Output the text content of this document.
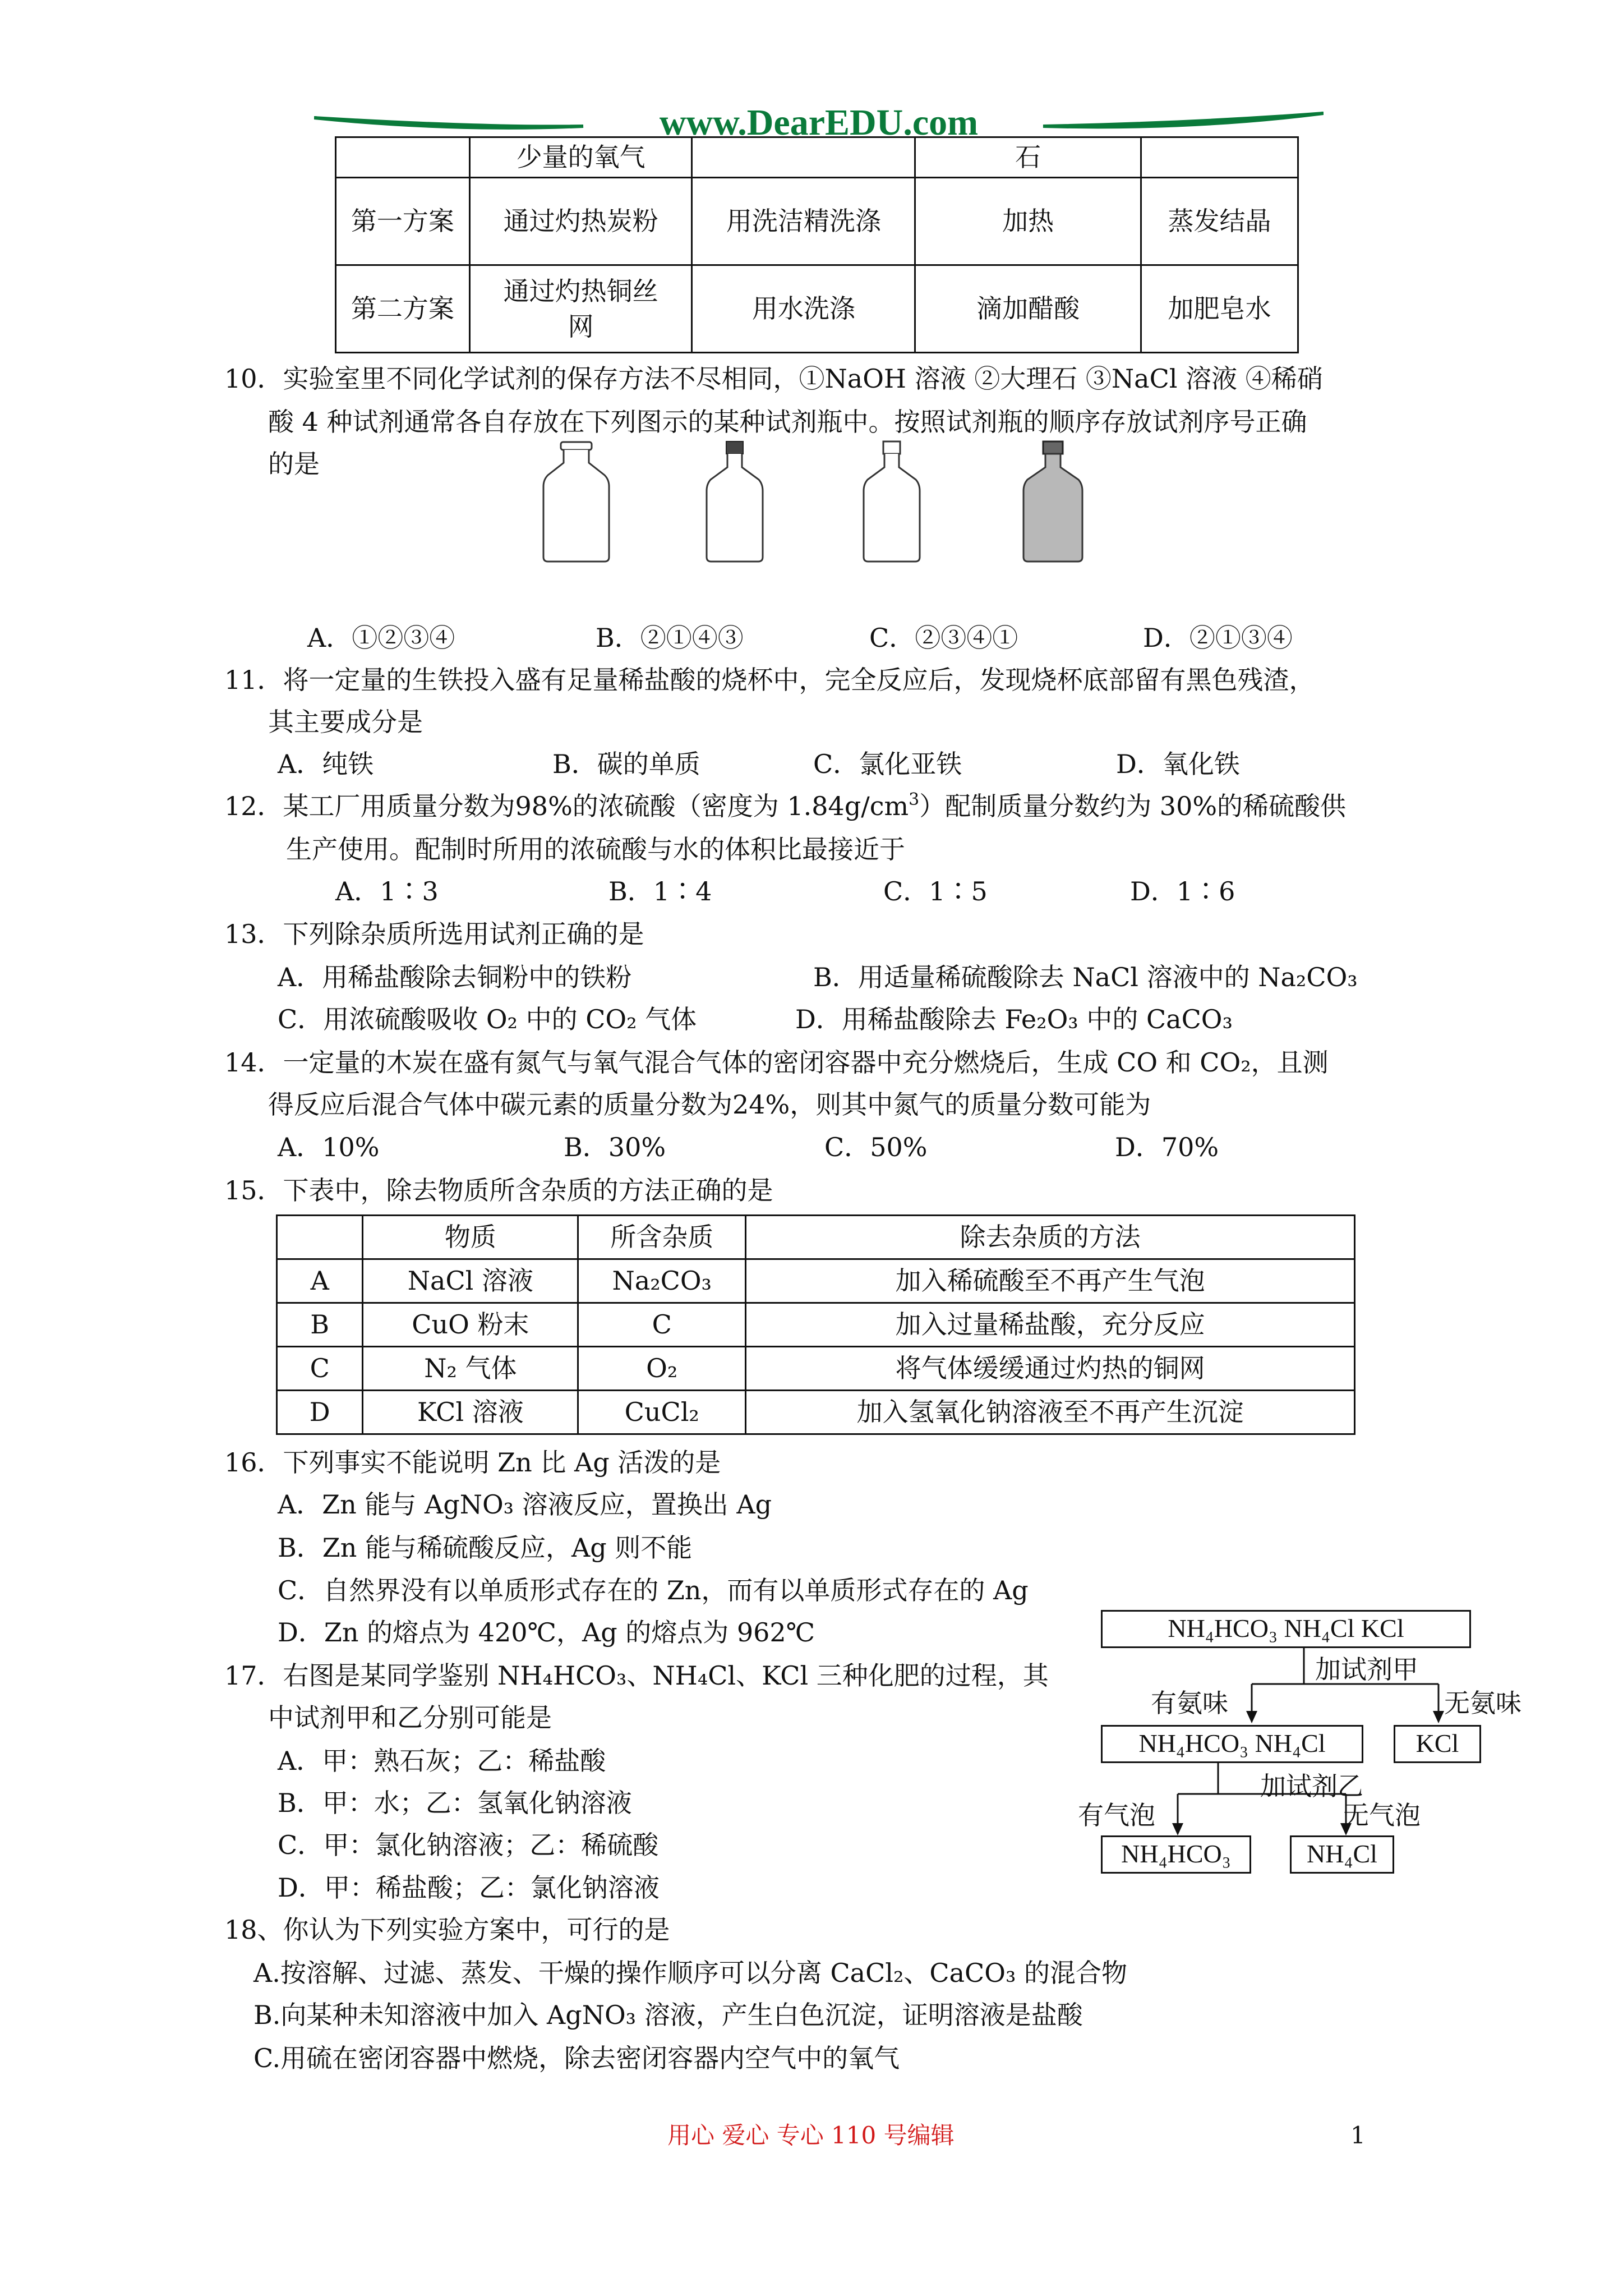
www.DearEDU.com
	少量的氧气		石	
第一方案	通过灼热炭粉	用洗洁精洗涤	加热	蒸发结晶
第二方案	通过灼热铜丝网	用水洗涤	滴加醋酸	加肥皂水
10．实验室里不同化学试剂的保存方法不尽相同，①NaOH 溶液 ②大理石 ③NaCl 溶液 ④稀硝
酸 4 种试剂通常各自存放在下列图示的某种试剂瓶中。按照试剂瓶的顺序存放试剂序号正确
的是
A．①②③④	B．②①④③	C．②③④①	D．②①③④
11．将一定量的生铁投入盛有足量稀盐酸的烧杯中，完全反应后，发现烧杯底部留有黑色残渣，
其主要成分是
A．纯铁	B．碳的单质	C．氯化亚铁	D．氧化铁
12．某工厂用质量分数为98%的浓硫酸（密度为 $1.84g/cm^3$）配制质量分数约为 30%的稀硫酸供
生产使用。配制时所用的浓硫酸与水的体积比最接近于
A．1∶3	B．1∶4	C．1∶5	D．1∶6
13．下列除杂质所选用试剂正确的是
A．用稀盐酸除去铜粉中的铁粉	B．用适量稀硫酸除去 NaCl 溶液中的 Na₂CO₃
C．用浓硫酸吸收 O₂ 中的 CO₂ 气体	D．用稀盐酸除去 Fe₂O₃ 中的 CaCO₃
14．一定量的木炭在盛有氮气与氧气混合气体的密闭容器中充分燃烧后，生成 CO 和 CO₂，且测
得反应后混合气体中碳元素的质量分数为24%，则其中氮气的质量分数可能为
A．10%	B．30%	C．50%	D．70%
15．下表中，除去物质所含杂质的方法正确的是
	物质	所含杂质	除去杂质的方法
A	NaCl 溶液	Na₂CO₃	加入稀硫酸至不再产生气泡
B	CuO 粉末	C	加入过量稀盐酸，充分反应
C	N₂ 气体	O₂	将气体缓缓通过灼热的铜网
D	KCl 溶液	CuCl₂	加入氢氧化钠溶液至不再产生沉淀
16．下列事实不能说明 Zn 比 Ag 活泼的是
A．Zn 能与 AgNO₃ 溶液反应，置换出 Ag
B．Zn 能与稀硫酸反应，Ag 则不能
C．自然界没有以单质形式存在的 Zn，而有以单质形式存在的 Ag
D．Zn 的熔点为 420℃，Ag 的熔点为 962℃
17．右图是某同学鉴别 NH₄HCO₃、NH₄Cl、KCl 三种化肥的过程，其
中试剂甲和乙分别可能是
A．甲：熟石灰；乙：稀盐酸
B．甲：水；乙：氢氧化钠溶液
C．甲：氯化钠溶液；乙：稀硫酸
D．甲：稀盐酸；乙：氯化钠溶液
NH₄HCO₃ NH₄Cl KCl
加试剂甲
有氨味	无氨味
NH₄HCO₃ NH₄Cl	KCl
加试剂乙
有气泡	无气泡
NH₄HCO₃	NH₄Cl
18、你认为下列实验方案中，可行的是
A.按溶解、过滤、蒸发、干燥的操作顺序可以分离 CaCl₂、CaCO₃ 的混合物
B.向某种未知溶液中加入 AgNO₃ 溶液，产生白色沉淀，证明溶液是盐酸
C.用硫在密闭容器中燃烧，除去密闭容器内空气中的氧气
用心 爱心 专心 110 号编辑	1
